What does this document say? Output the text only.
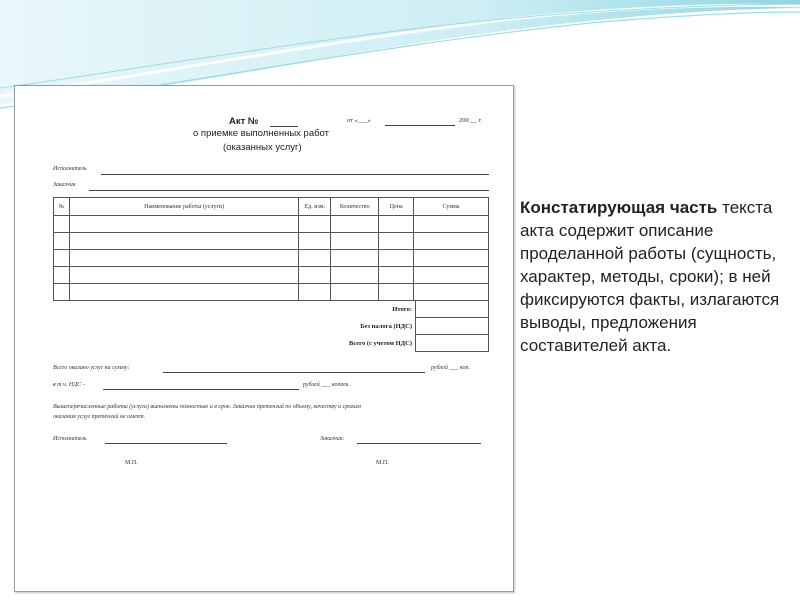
Акт №	от «___»	200 __ г.
о приемке выполненных работ
(оказанных услуг)
Исполнитель
Заказчик
№	Наименование работы (услуги)	Ед. изм.	Количество	Цена	Сумма

Итого:	
Без налога (НДС)	
Всего (с учетом НДС)	
Всего оказано услуг на сумму:	рублей ___ коп.
в т.ч. НДС –	рублей ___ копеек.
Вышеперечисленные работы (услуги) выполнены полностью и в срок. Заказчик претензий по объему, качеству и срокам
оказания услуг претензий не имеет.
Исполнитель	Заказчик:
М.П.	М.П.
Констатирующая часть текста акта содержит описание проделанной работы (сущность, характер, методы, сроки); в ней фиксируются факты, излагаются выводы, предложения составителей акта.
